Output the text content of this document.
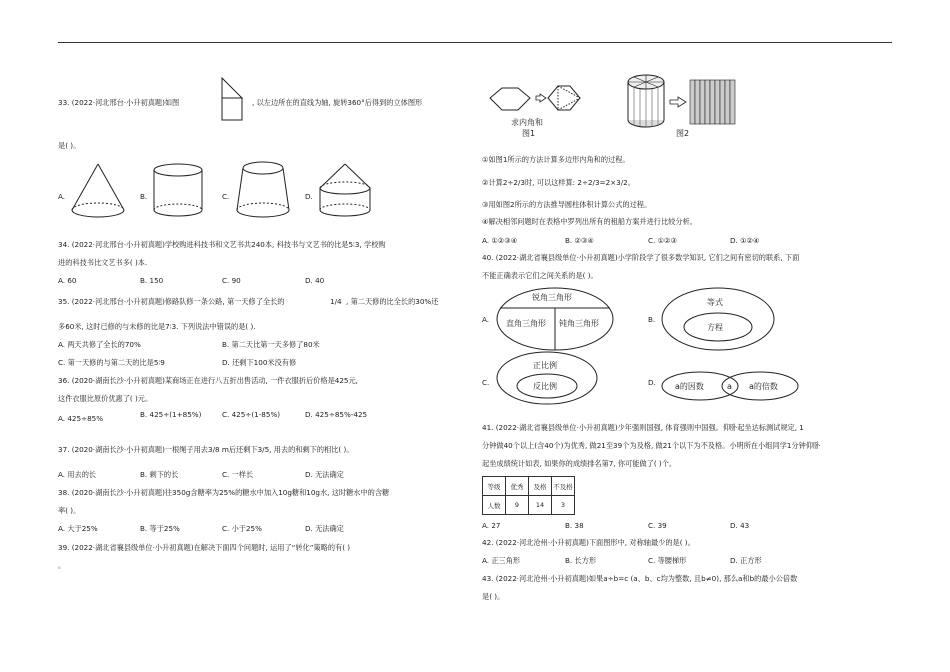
33. (2022·河北邢台·小升初真题)如图	, 以左边所在的直线为轴, 旋转360°后得到的立体图形
是( )。
A.	B.	C.	D.
34. (2022·河北邢台·小升初真题)学校购进科技书和文艺书共240本, 科技书与文艺书的比是5∶3, 学校购
进的科技书比文艺书多( )本.
A. 60	B. 150	C. 90	D. 40
35. (2022·河北邢台·小升初真题)修路队修一条公路, 第一天修了全长的	1/4 , 第二天修的比全长的30%还
多60米, 这时已修的与未修的比是7∶3. 下列说法中错误的是( ).
A. 两天共修了全长的70%	B. 第二天比第一天多修了80米
C. 第一天修的与第二天的比是5∶9	D. 还剩下100米没有修
36. (2020·湖南长沙·小升初真题)某商场正在进行八五折出售活动, 一件衣服折后价格是425元,
这件衣服比原价优惠了( )元。
A. 425÷85%	B. 425÷(1+85%)	C. 425÷(1-85%)	D. 425÷85%-425
37. (2020·湖南长沙·小升初真题)一根绳子用去3/8 m后还剩下3/5, 用去的和剩下的相比( )。
A. 用去的长	B. 剩下的长	C. 一样长	D. 无法确定
38. (2020·湖南长沙·小升初真题)往350g含糖率为25%的糖水中加入10g糖和10g水, 这时糖水中的含糖
率( )。
A. 大于25%	B. 等于25%	C. 小于25%	D. 无法确定
39. (2022·湖北省襄县级单位·小升初真题)在解决下面四个问题时, 运用了“转化”策略的有( )
。
求内角和
图1	图2
①如图1所示的方法计算多边形内角和的过程。
②计算2÷2/3时, 可以这样算: 2÷2/3=2×3/2。
③用如图2所示的方法推导圆柱体积计算公式的过程。
④解决相邻问题时在表格中罗列出所有的租船方案并进行比较分析。
A. ①②③④	B. ②③④	C. ①②③	D. ①②④
40. (2022·湖北省襄县级单位·小升初真题)小学阶段学了很多数学知识, 它们之间有密切的联系, 下面
不能正确表示它们之间关系的是( )。
A.
锐角三角形
直角三角形 钝角三角形	B.
等式
方程
C.
正比例
反比例	D. a的因数	a a的倍数
41. (2022·湖北省襄县级单位·小升初真题)少年强则国强, 体育强则中国强。仰卧起坐达标测试规定, 1
分钟做40个以上(含40个)为优秀, 做21至39个为及格, 做21个以下为不及格。小明所在小组同学1分钟仰卧
起坐成绩统计如表, 如果你的成绩排名第7, 你可能做了( )个。
等级	优秀	及格	不及格
人数	9	14	3
A. 27	B. 38	C. 39	D. 43
42. (2022·河北沧州·小升初真题)下面图形中, 对称轴最少的是( )。
A. 正三角形	B. 长方形	C. 等腰梯形	D. 正方形
43. (2022·河北沧州·小升初真题)如果a÷b=c (a、b、c均为整数, 且b≠0), 那么a和b的最小公倍数
是( )。
